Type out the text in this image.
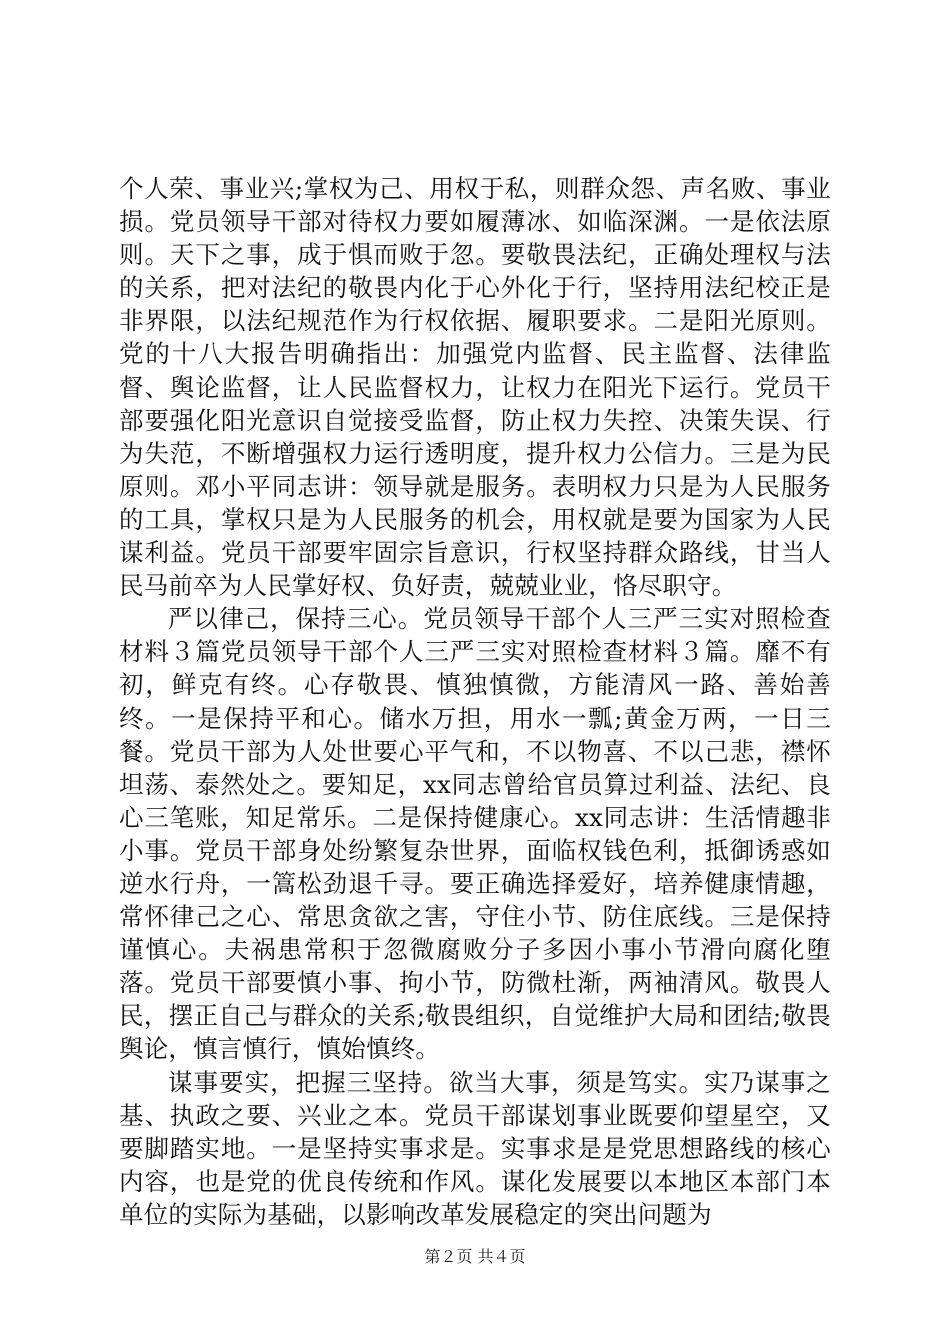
个人荣、事业兴;掌权为己、用权于私，则群众怨、声名败、事业损。党员领导干部对待权力要如履薄冰、如临深渊。一是依法原则。天下之事，成于惧而败于忽。要敬畏法纪，正确处理权与法的关系，把对法纪的敬畏内化于心外化于行，坚持用法纪校正是非界限，以法纪规范作为行权依据、履职要求。二是阳光原则。党的十八大报告明确指出：加强党内监督、民主监督、法律监督、舆论监督，让人民监督权力，让权力在阳光下运行。党员干部要强化阳光意识自觉接受监督，防止权力失控、决策失误、行为失范，不断增强权力运行透明度，提升权力公信力。三是为民原则。邓小平同志讲：领导就是服务。表明权力只是为人民服务的工具，掌权只是为人民服务的机会，用权就是要为国家为人民谋利益。党员干部要牢固宗旨意识，行权坚持群众路线，甘当人民马前卒为人民掌好权、负好责，兢兢业业，恪尽职守。

严以律己，保持三心。党员领导干部个人三严三实对照检查材料３篇党员领导干部个人三严三实对照检查材料３篇。靡不有初，鲜克有终。心存敬畏、慎独慎微，方能清风一路、善始善终。一是保持平和心。储水万担，用水一瓢;黄金万两，一日三餐。党员干部为人处世要心平气和，不以物喜、不以己悲，襟怀坦荡、泰然处之。要知足，xx同志曾给官员算过利益、法纪、良心三笔账，知足常乐。二是保持健康心。xx同志讲：生活情趣非小事。党员干部身处纷繁复杂世界，面临权钱色利，抵御诱惑如逆水行舟，一篙松劲退千寻。要正确选择爱好，培养健康情趣，常怀律己之心、常思贪欲之害，守住小节、防住底线。三是保持谨慎心。夫祸患常积于忽微腐败分子多因小事小节滑向腐化堕落。党员干部要慎小事、拘小节，防微杜渐，两袖清风。敬畏人民，摆正自己与群众的关系;敬畏组织，自觉维护大局和团结;敬畏舆论，慎言慎行，慎始慎终。

谋事要实，把握三坚持。欲当大事，须是笃实。实乃谋事之基、执政之要、兴业之本。党员干部谋划事业既要仰望星空，又要脚踏实地。一是坚持实事求是。实事求是是党思想路线的核心内容，也是党的优良传统和作风。谋化发展要以本地区本部门本单位的实际为基础，以影响改革发展稳定的突出问题为

第２页 共４页
